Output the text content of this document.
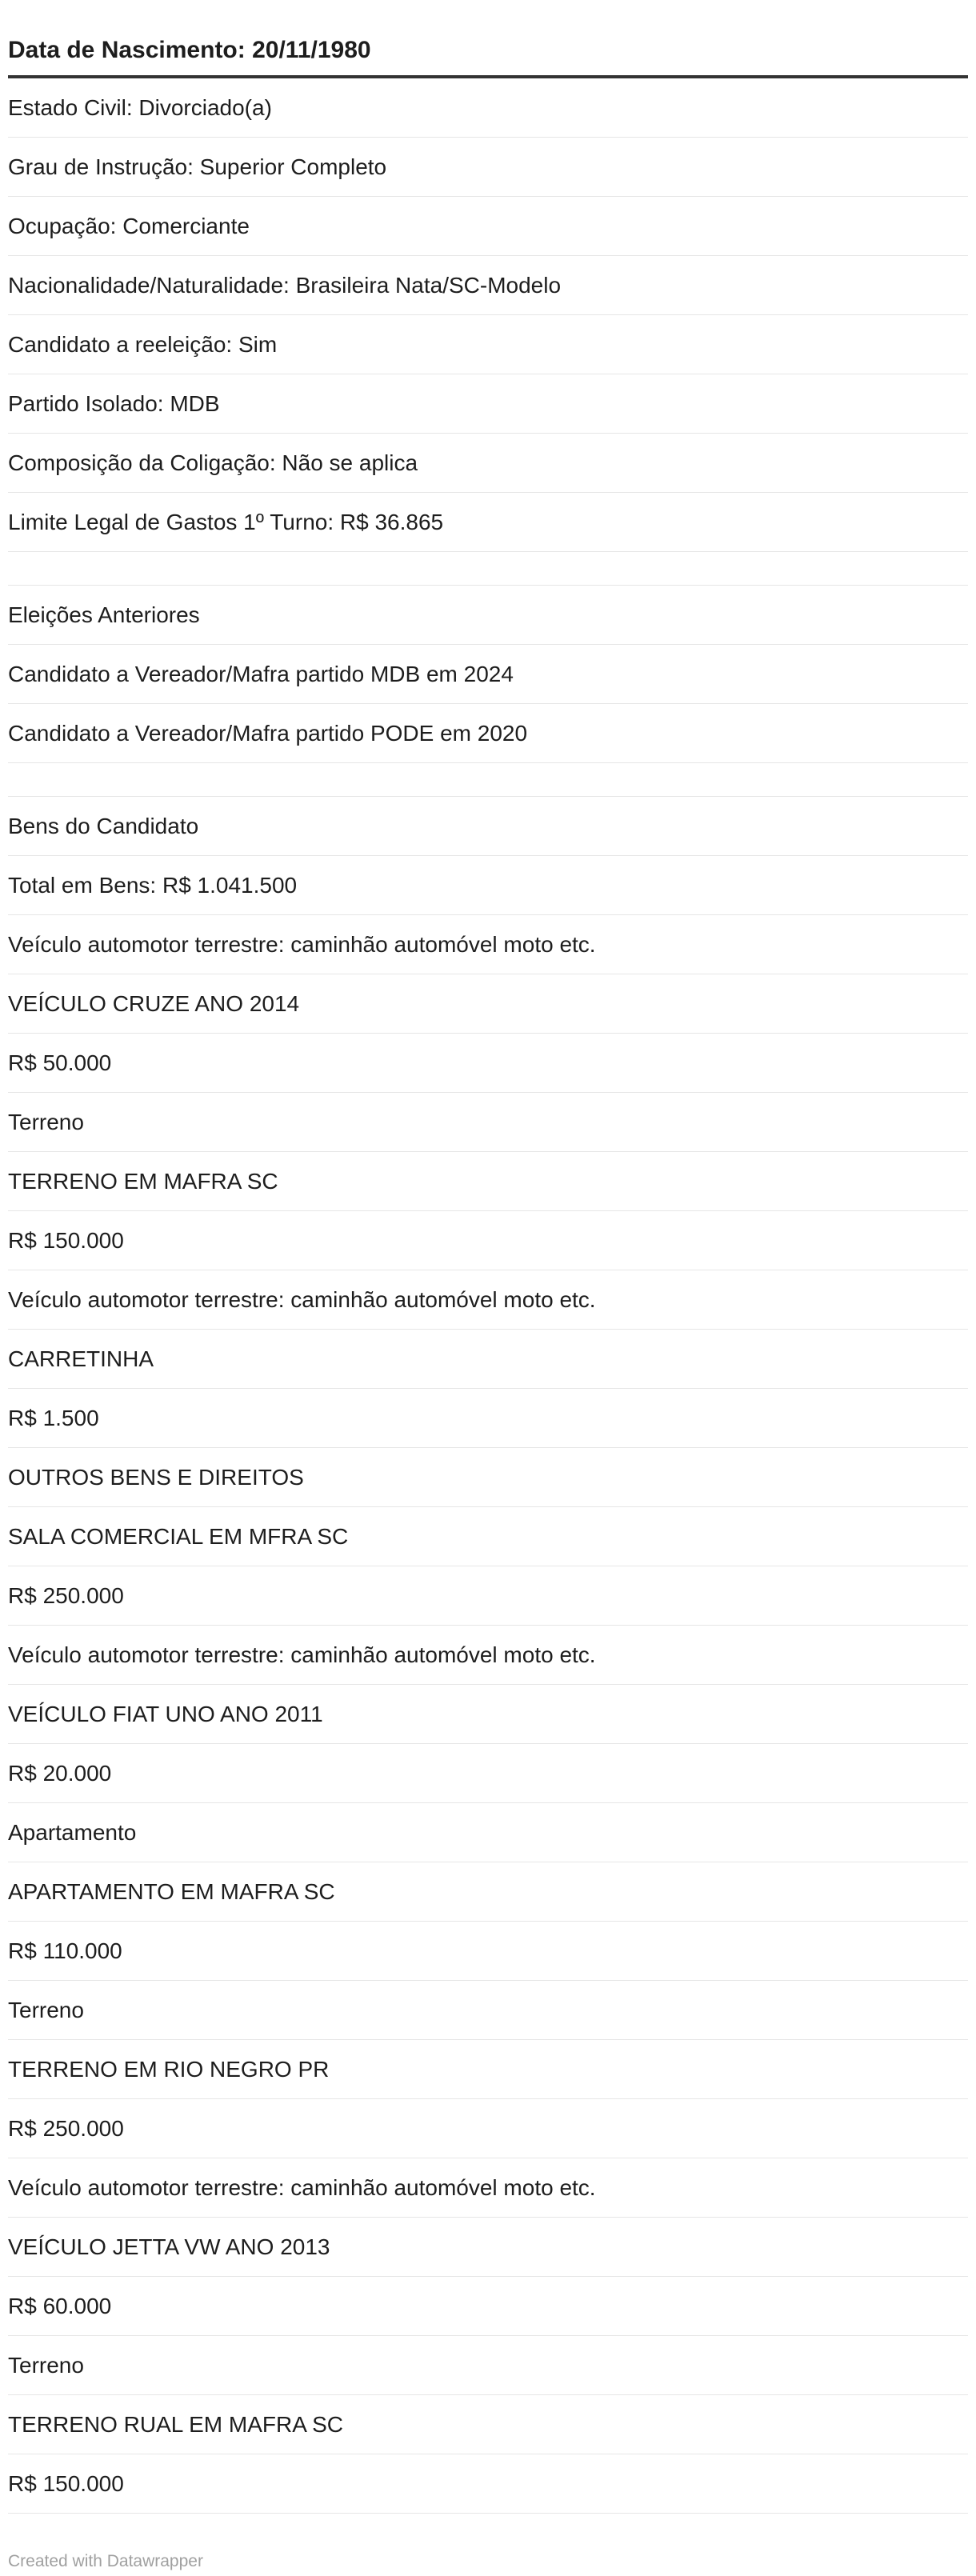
Data de Nascimento: 20/11/1980
Estado Civil: Divorciado(a)
Grau de Instrução: Superior Completo
Ocupação: Comerciante
Nacionalidade/Naturalidade: Brasileira Nata/SC-Modelo
Candidato a reeleição: Sim
Partido Isolado: MDB
Composição da Coligação: Não se aplica
Limite Legal de Gastos 1º Turno: R$ 36.865
Eleições Anteriores
Candidato a Vereador/Mafra partido MDB em 2024
Candidato a Vereador/Mafra partido PODE em 2020
Bens do Candidato
Total em Bens: R$ 1.041.500
Veículo automotor terrestre: caminhão automóvel moto etc.
VEÍCULO CRUZE ANO 2014
R$ 50.000
Terreno
TERRENO EM MAFRA SC
R$ 150.000
Veículo automotor terrestre: caminhão automóvel moto etc.
CARRETINHA
R$ 1.500
OUTROS BENS E DIREITOS
SALA COMERCIAL EM MFRA SC
R$ 250.000
Veículo automotor terrestre: caminhão automóvel moto etc.
VEÍCULO FIAT UNO ANO 2011
R$ 20.000
Apartamento
APARTAMENTO EM MAFRA SC
R$ 110.000
Terreno
TERRENO EM RIO NEGRO PR
R$ 250.000
Veículo automotor terrestre: caminhão automóvel moto etc.
VEÍCULO JETTA VW ANO 2013
R$ 60.000
Terreno
TERRENO RUAL EM MAFRA SC
R$ 150.000
Created with Datawrapper
